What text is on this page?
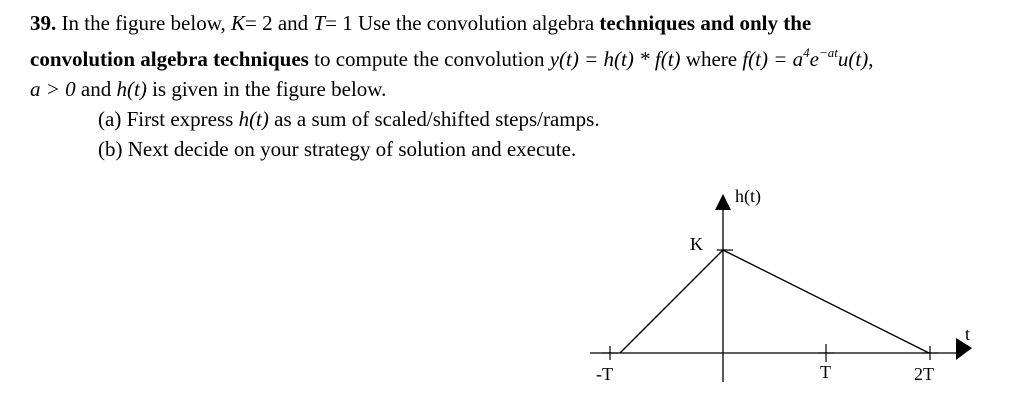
39. In the figure below, K= 2 and T= 1 Use the convolution algebra techniques and only the
convolution algebra techniques to compute the convolution y(t) = h(t) * f(t) where $f(t) = a^4e^{-at}u(t)$,
a > 0 and h(t) is given in the figure below.
(a) First express h(t) as a sum of scaled/shifted steps/ramps.
(b) Next decide on your strategy of solution and execute.
h(t)
t
-T	T	2T
K
